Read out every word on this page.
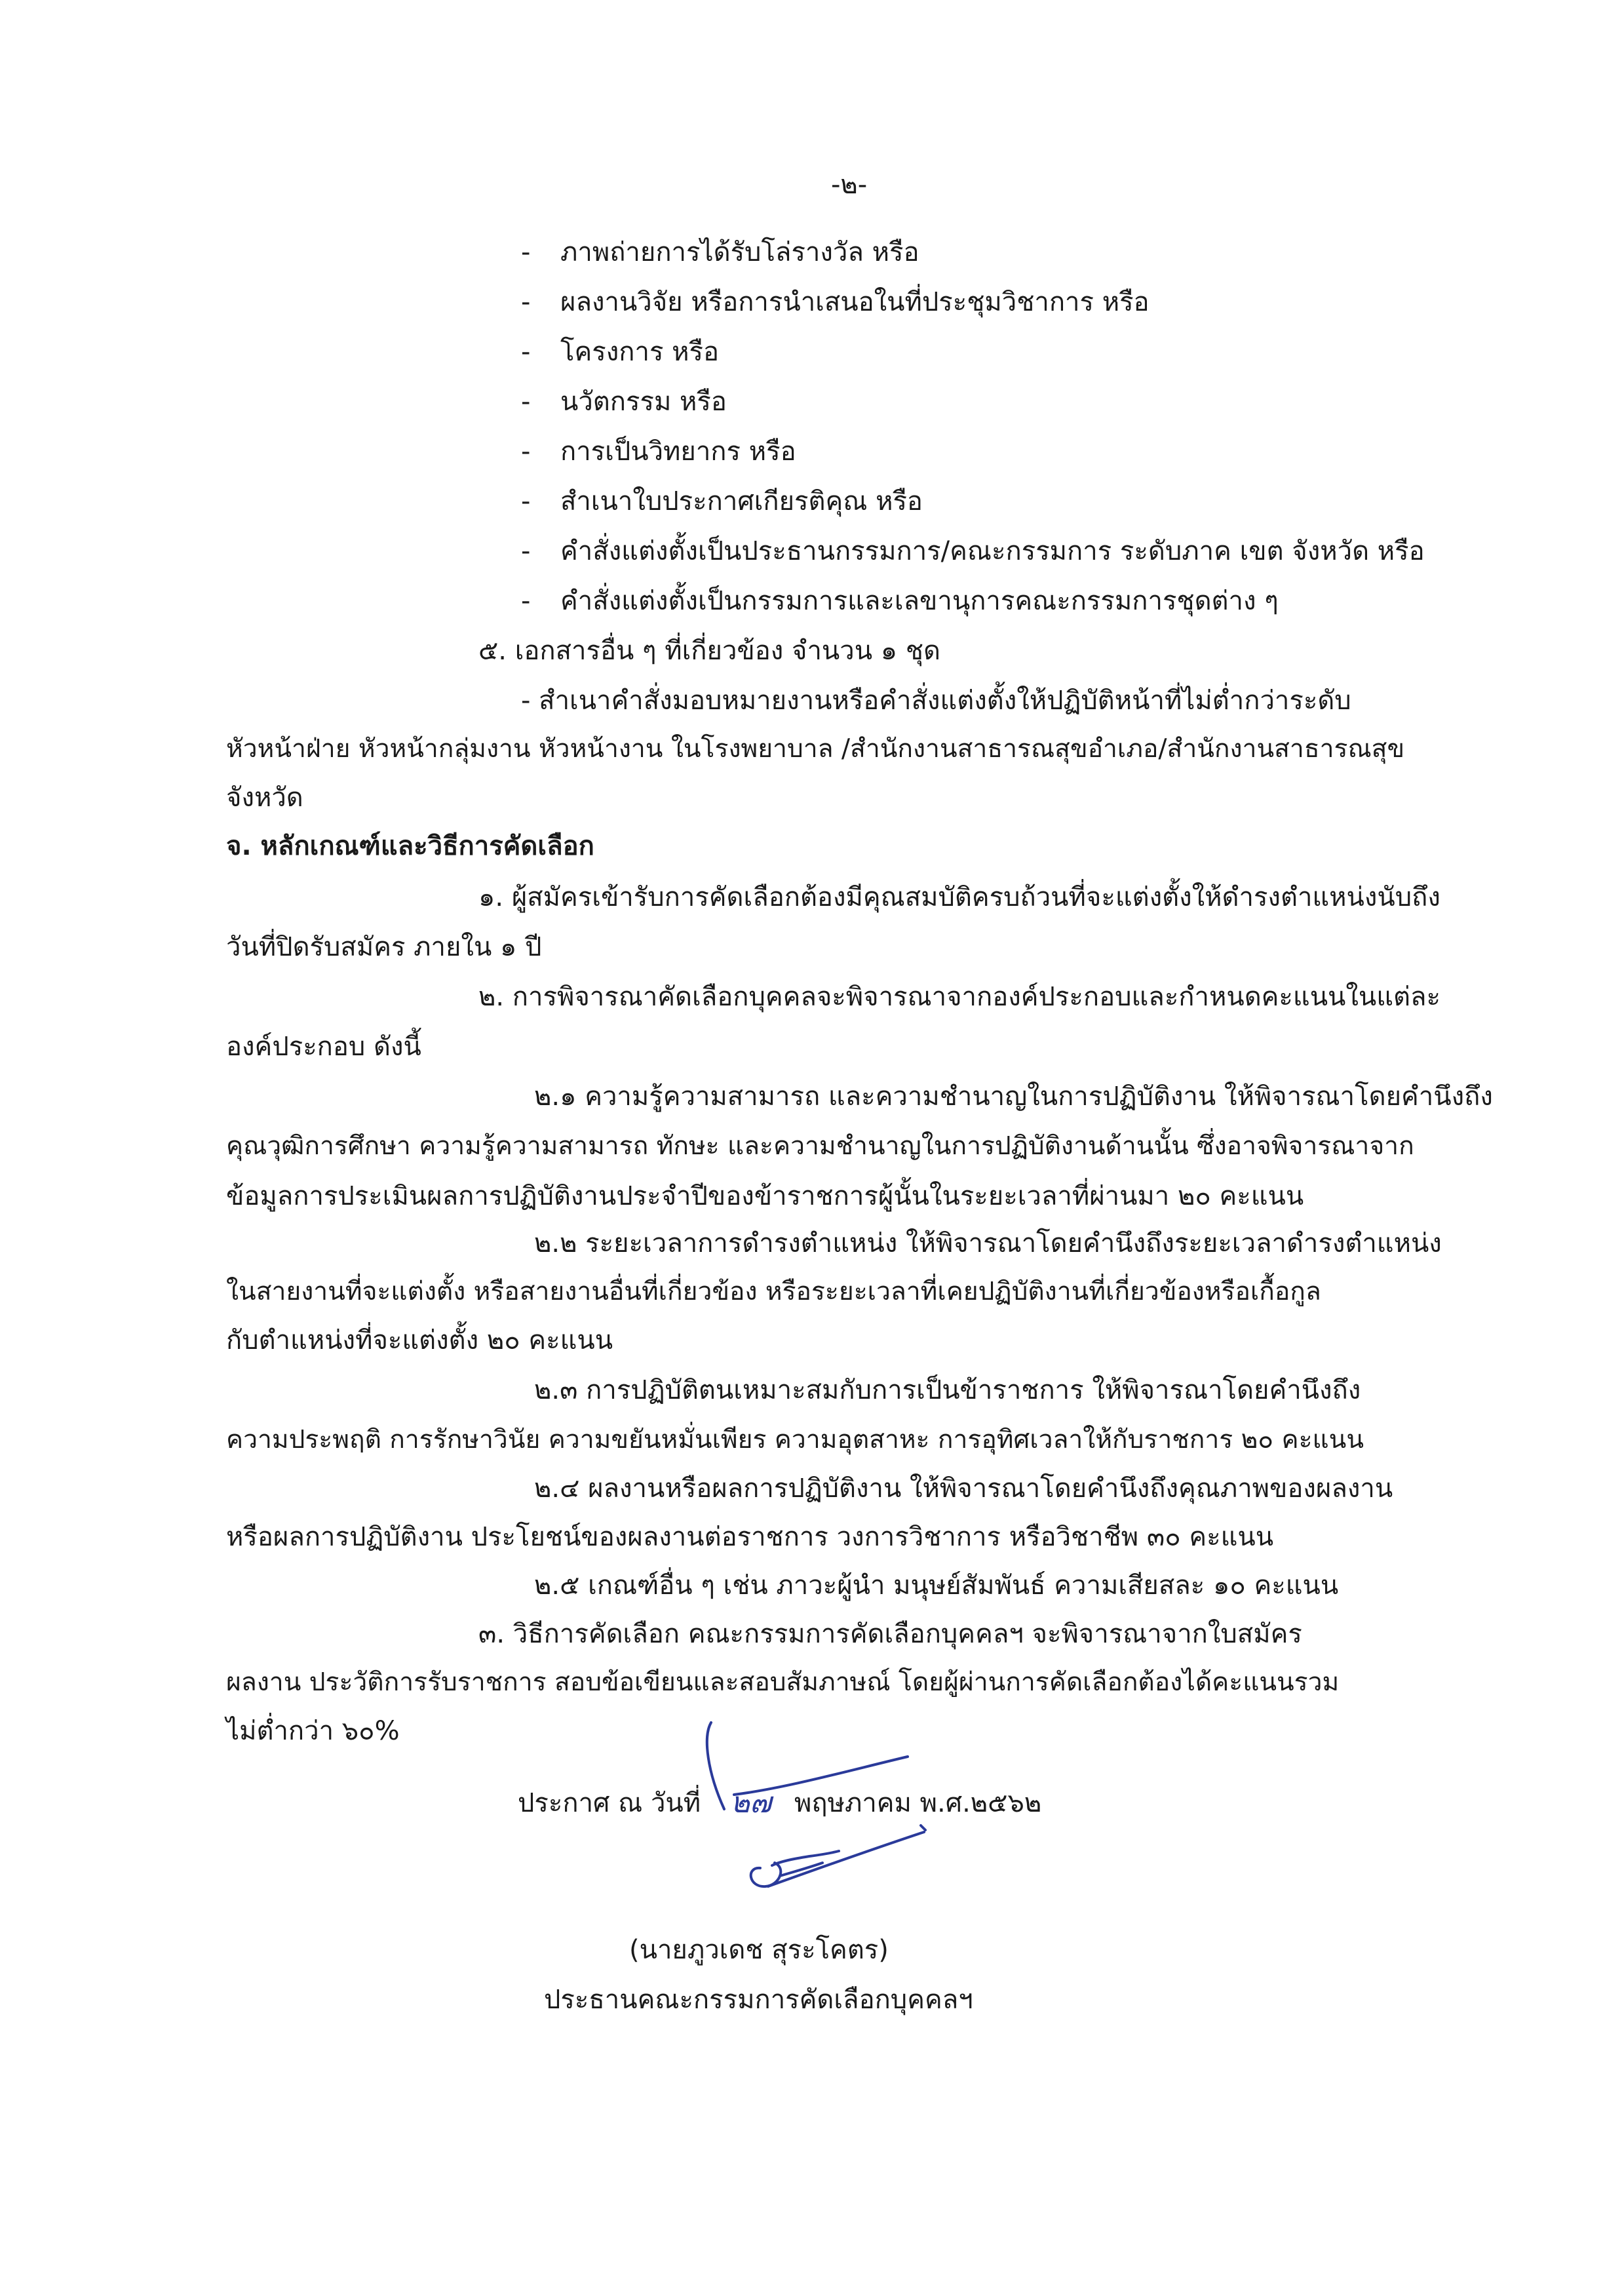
-๒-
- ภาพถ่ายการได้รับโล่รางวัล หรือ
- ผลงานวิจัย หรือการนำเสนอในที่ประชุมวิชาการ หรือ
- โครงการ หรือ
- นวัตกรรม หรือ
- การเป็นวิทยากร หรือ
- สำเนาใบประกาศเกียรติคุณ หรือ
- คำสั่งแต่งตั้งเป็นประธานกรรมการ/คณะกรรมการ ระดับภาค เขต จังหวัด หรือ
- คำสั่งแต่งตั้งเป็นกรรมการและเลขานุการคณะกรรมการชุดต่าง ๆ
๕. เอกสารอื่น ๆ ที่เกี่ยวข้อง จำนวน ๑ ชุด
- สำเนาคำสั่งมอบหมายงานหรือคำสั่งแต่งตั้งให้ปฏิบัติหน้าที่ไม่ต่ำกว่าระดับ
หัวหน้าฝ่าย หัวหน้ากลุ่มงาน หัวหน้างาน ในโรงพยาบาล /สำนักงานสาธารณสุขอำเภอ/สำนักงานสาธารณสุข
จังหวัด
จ. หลักเกณฑ์และวิธีการคัดเลือก
๑. ผู้สมัครเข้ารับการคัดเลือกต้องมีคุณสมบัติครบถ้วนที่จะแต่งตั้งให้ดำรงตำแหน่งนับถึง
วันที่ปิดรับสมัคร ภายใน ๑ ปี
๒. การพิจารณาคัดเลือกบุคคลจะพิจารณาจากองค์ประกอบและกำหนดคะแนนในแต่ละ
องค์ประกอบ ดังนี้
๒.๑ ความรู้ความสามารถ และความชำนาญในการปฏิบัติงาน ให้พิจารณาโดยคำนึงถึง
คุณวุฒิการศึกษา ความรู้ความสามารถ ทักษะ และความชำนาญในการปฏิบัติงานด้านนั้น ซึ่งอาจพิจารณาจาก
ข้อมูลการประเมินผลการปฏิบัติงานประจำปีของข้าราชการผู้นั้นในระยะเวลาที่ผ่านมา ๒๐ คะแนน
๒.๒ ระยะเวลาการดำรงตำแหน่ง ให้พิจารณาโดยคำนึงถึงระยะเวลาดำรงตำแหน่ง
ในสายงานที่จะแต่งตั้ง หรือสายงานอื่นที่เกี่ยวข้อง หรือระยะเวลาที่เคยปฏิบัติงานที่เกี่ยวข้องหรือเกื้อกูล
กับตำแหน่งที่จะแต่งตั้ง ๒๐ คะแนน
๒.๓ การปฏิบัติตนเหมาะสมกับการเป็นข้าราชการ ให้พิจารณาโดยคำนึงถึง
ความประพฤติ การรักษาวินัย ความขยันหมั่นเพียร ความอุตสาหะ การอุทิศเวลาให้กับราชการ ๒๐ คะแนน
๒.๔ ผลงานหรือผลการปฏิบัติงาน ให้พิจารณาโดยคำนึงถึงคุณภาพของผลงาน
หรือผลการปฏิบัติงาน ประโยชน์ของผลงานต่อราชการ วงการวิชาการ หรือวิชาชีพ ๓๐ คะแนน
๒.๕ เกณฑ์อื่น ๆ เช่น ภาวะผู้นำ มนุษย์สัมพันธ์ ความเสียสละ ๑๐ คะแนน
๓. วิธีการคัดเลือก คณะกรรมการคัดเลือกบุคคลฯ จะพิจารณาจากใบสมัคร
ผลงาน ประวัติการรับราชการ สอบข้อเขียนและสอบสัมภาษณ์ โดยผู้ผ่านการคัดเลือกต้องได้คะแนนรวม
ไม่ต่ำกว่า ๖๐%
ประกาศ ณ วันที่ ๒๗ พฤษภาคม พ.ศ.๒๕๖๒
(นายภูวเดช สุระโคตร)
ประธานคณะกรรมการคัดเลือกบุคคลฯ
